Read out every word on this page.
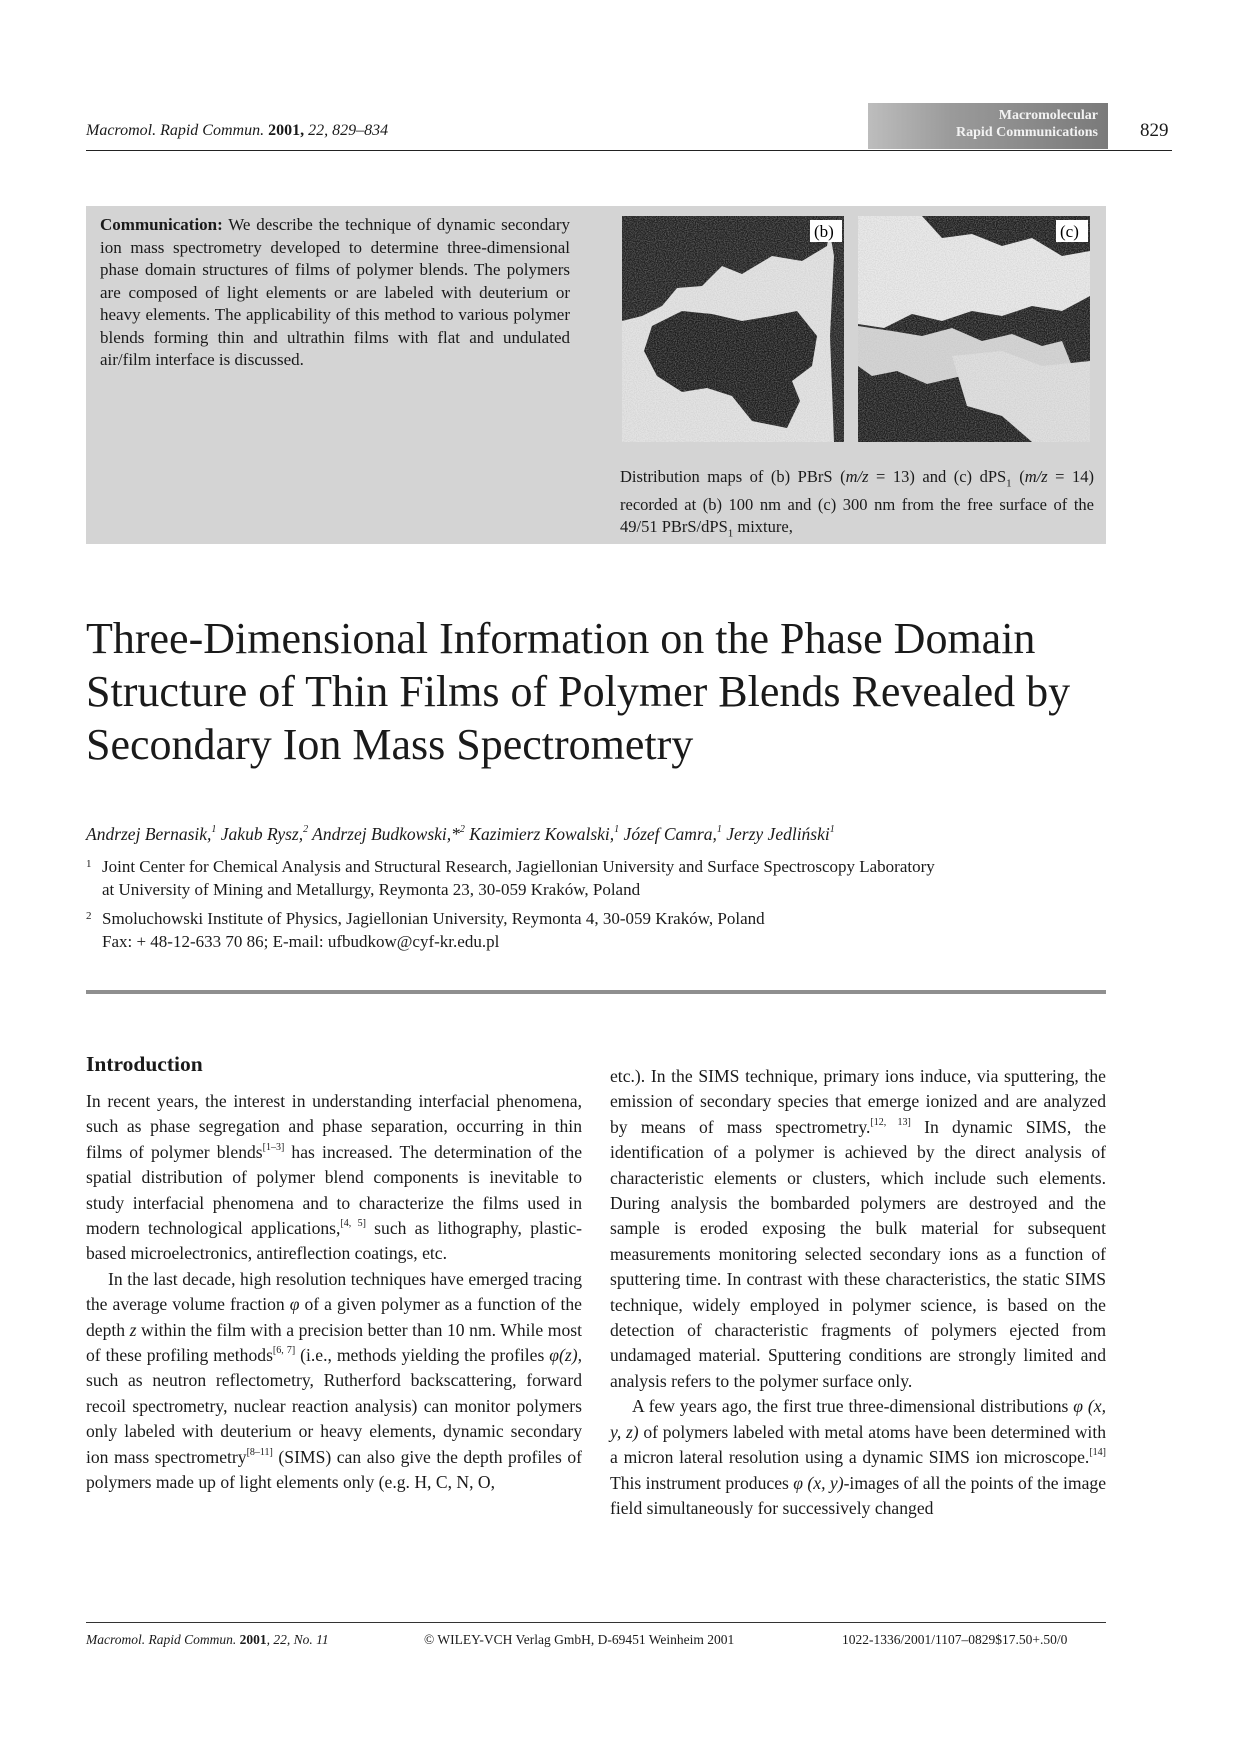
Macromol. Rapid Commun. 2001, 22, 829–834
Macromolecular
Rapid Communications 829
Communication: We describe the technique of dynamic secondary ion mass spectrometry developed to determine three-dimensional phase domain structures of films of polymer blends. The polymers are composed of light elements or are labeled with deuterium or heavy elements. The applicability of this method to various polymer blends forming thin and ultrathin films with flat and undulated air/film interface is discussed.
(b)	(c)
Distribution maps of (b) PBrS (m/z = 13) and (c) dPS$_1$ (m/z = 14) recorded at (b) 100 nm and (c) 300 nm from the free surface of the 49/51 PBrS/dPS$_1$ mixture,
Three-Dimensional Information on the Phase Domain Structure of Thin Films of Polymer Blends Revealed by Secondary Ion Mass Spectrometry
Andrzej Bernasik,$^1$ Jakub Rysz,$^2$ Andrzej Budkowski,*$^2$ Kazimierz Kowalski,$^1$ Józef Camra,$^1$ Jerzy Jedliński$^1$
1 Joint Center for Chemical Analysis and Structural Research, Jagiellonian University and Surface Spectroscopy Laboratory
at University of Mining and Metallurgy, Reymonta 23, 30-059 Kraków, Poland
2 Smoluchowski Institute of Physics, Jagiellonian University, Reymonta 4, 30-059 Kraków, Poland
Fax: + 48-12-633 70 86; E-mail: ufbudkow@cyf-kr.edu.pl
Introduction

In recent years, the interest in understanding interfacial phenomena, such as phase segregation and phase separation, occurring in thin films of polymer blends[1–3] has increased. The determination of the spatial distribution of polymer blend components is inevitable to study interfacial phenomena and to characterize the films used in modern technological applications,[4, 5] such as lithography, plastic-based microelectronics, antireflection coatings, etc.

In the last decade, high resolution techniques have emerged tracing the average volume fraction φ of a given polymer as a function of the depth z within the film with a precision better than 10 nm. While most of these profiling methods[6, 7] (i.e., methods yielding the profiles φ(z), such as neutron reflectometry, Rutherford backscattering, forward recoil spectrometry, nuclear reaction analysis) can monitor polymers only labeled with deuterium or heavy elements, dynamic secondary ion mass spectrometry[8–11] (SIMS) can also give the depth profiles of polymers made up of light elements only (e.g. H, C, N, O,

etc.). In the SIMS technique, primary ions induce, via sputtering, the emission of secondary species that emerge ionized and are analyzed by means of mass spectrometry.[12, 13] In dynamic SIMS, the identification of a polymer is achieved by the direct analysis of characteristic elements or clusters, which include such elements. During analysis the bombarded polymers are destroyed and the sample is eroded exposing the bulk material for subsequent measurements monitoring selected secondary ions as a function of sputtering time. In contrast with these characteristics, the static SIMS technique, widely employed in polymer science, is based on the detection of characteristic fragments of polymers ejected from undamaged material. Sputtering conditions are strongly limited and analysis refers to the polymer surface only.

A few years ago, the first true three-dimensional distributions φ (x, y, z) of polymers labeled with metal atoms have been determined with a micron lateral resolution using a dynamic SIMS ion microscope.[14] This instrument produces φ (x, y)-images of all the points of the image field simultaneously for successively changed

Macromol. Rapid Commun. 2001, 22, No. 11	© WILEY-VCH Verlag GmbH, D-69451 Weinheim 2001	1022-1336/2001/1107–0829$17.50+.50/0
